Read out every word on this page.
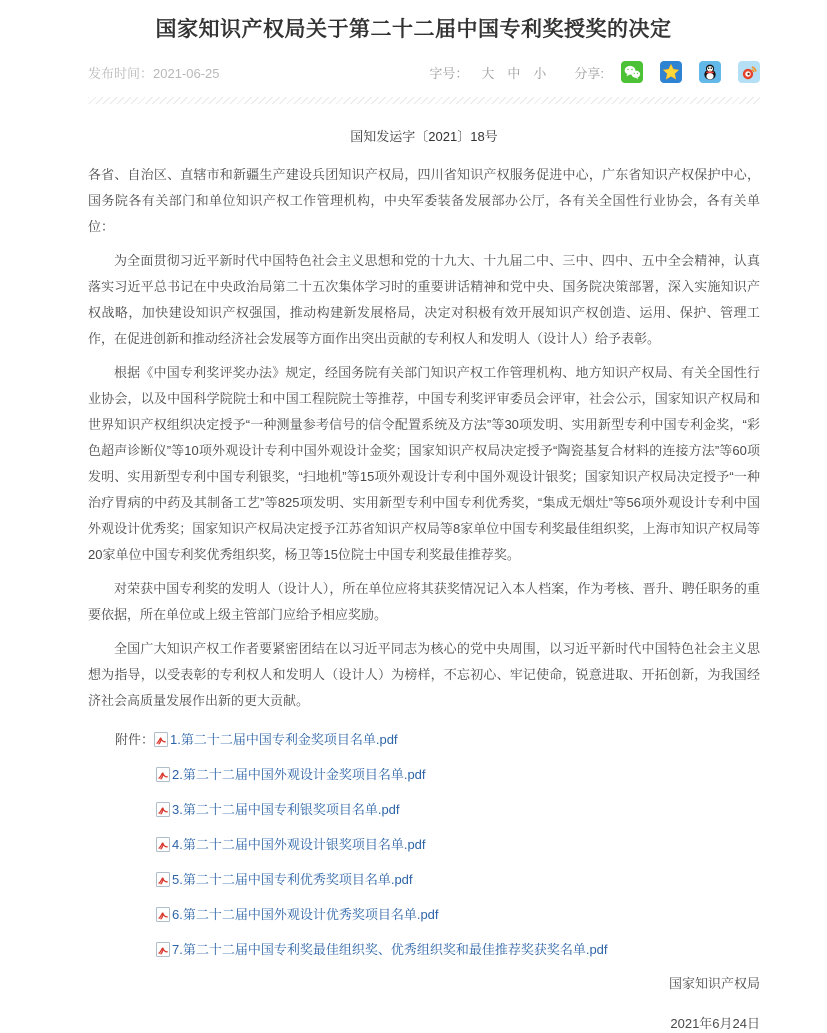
国家知识产权局关于第二十二届中国专利奖授奖的决定
发布时间：2021-06-25	字号： 大 中 小 分享:
国知发运字〔2021〕18号

各省、自治区、直辖市和新疆生产建设兵团知识产权局，四川省知识产权服务促进中心，广东省知识产权保护中心，国务院各有关部门和单位知识产权工作管理机构，中央军委装备发展部办公厅，各有关全国性行业协会，各有关单位：

为全面贯彻习近平新时代中国特色社会主义思想和党的十九大、十九届二中、三中、四中、五中全会精神，认真落实习近平总书记在中央政治局第二十五次集体学习时的重要讲话精神和党中央、国务院决策部署，深入实施知识产权战略，加快建设知识产权强国，推动构建新发展格局，决定对积极有效开展知识产权创造、运用、保护、管理工作，在促进创新和推动经济社会发展等方面作出突出贡献的专利权人和发明人（设计人）给予表彰。

根据《中国专利奖评奖办法》规定，经国务院有关部门知识产权工作管理机构、地方知识产权局、有关全国性行业协会，以及中国科学院院士和中国工程院院士等推荐，中国专利奖评审委员会评审，社会公示，国家知识产权局和世界知识产权组织决定授予“一种测量参考信号的信令配置系统及方法”等30项发明、实用新型专利中国专利金奖，“彩色超声诊断仪”等10项外观设计专利中国外观设计金奖；国家知识产权局决定授予“陶瓷基复合材料的连接方法”等60项发明、实用新型专利中国专利银奖，“扫地机”等15项外观设计专利中国外观设计银奖；国家知识产权局决定授予“一种治疗胃病的中药及其制备工艺”等825项发明、实用新型专利中国专利优秀奖，“集成无烟灶”等56项外观设计专利中国外观设计优秀奖；国家知识产权局决定授予江苏省知识产权局等8家单位中国专利奖最佳组织奖，上海市知识产权局等20家单位中国专利奖优秀组织奖，杨卫等15位院士中国专利奖最佳推荐奖。

对荣获中国专利奖的发明人（设计人），所在单位应将其获奖情况记入本人档案，作为考核、晋升、聘任职务的重要依据，所在单位或上级主管部门应给予相应奖励。

全国广大知识产权工作者要紧密团结在以习近平同志为核心的党中央周围，以习近平新时代中国特色社会主义思想为指导，以受表彰的专利权人和发明人（设计人）为榜样，不忘初心、牢记使命，锐意进取、开拓创新，为我国经济社会高质量发展作出新的更大贡献。

附件： 1.第二十二届中国专利金奖项目名单.pdf
2.第二十二届中国外观设计金奖项目名单.pdf
3.第二十二届中国专利银奖项目名单.pdf
4.第二十二届中国外观设计银奖项目名单.pdf
5.第二十二届中国专利优秀奖项目名单.pdf
6.第二十二届中国外观设计优秀奖项目名单.pdf
7.第二十二届中国专利奖最佳组织奖、优秀组织奖和最佳推荐奖获奖名单.pdf
国家知识产权局
2021年6月24日
